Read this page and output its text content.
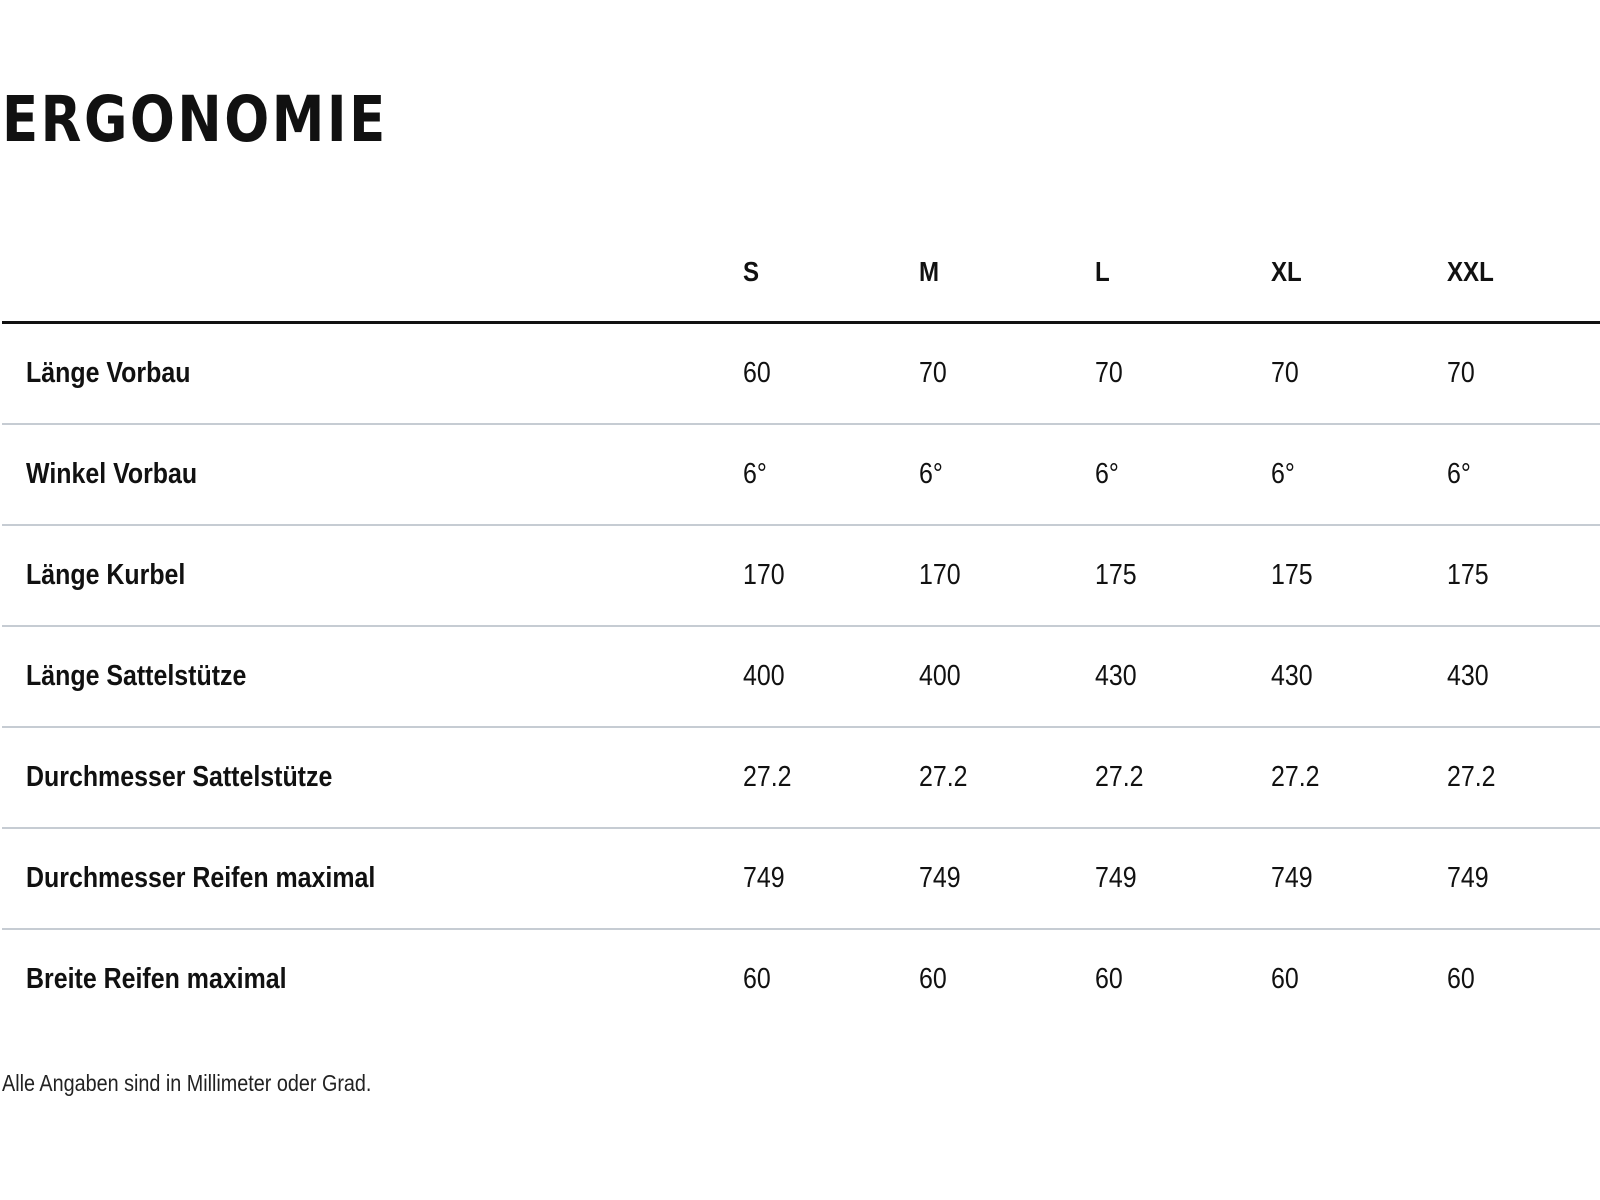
ERGONOMIE
	S	M	L	XL	XXL
Länge Vorbau	60	70	70	70	70
Winkel Vorbau	6°	6°	6°	6°	6°
Länge Kurbel	170	170	175	175	175
Länge Sattelstütze	400	400	430	430	430
Durchmesser Sattelstütze	27.2	27.2	27.2	27.2	27.2
Durchmesser Reifen maximal	749	749	749	749	749
Breite Reifen maximal	60	60	60	60	60

Alle Angaben sind in Millimeter oder Grad.
